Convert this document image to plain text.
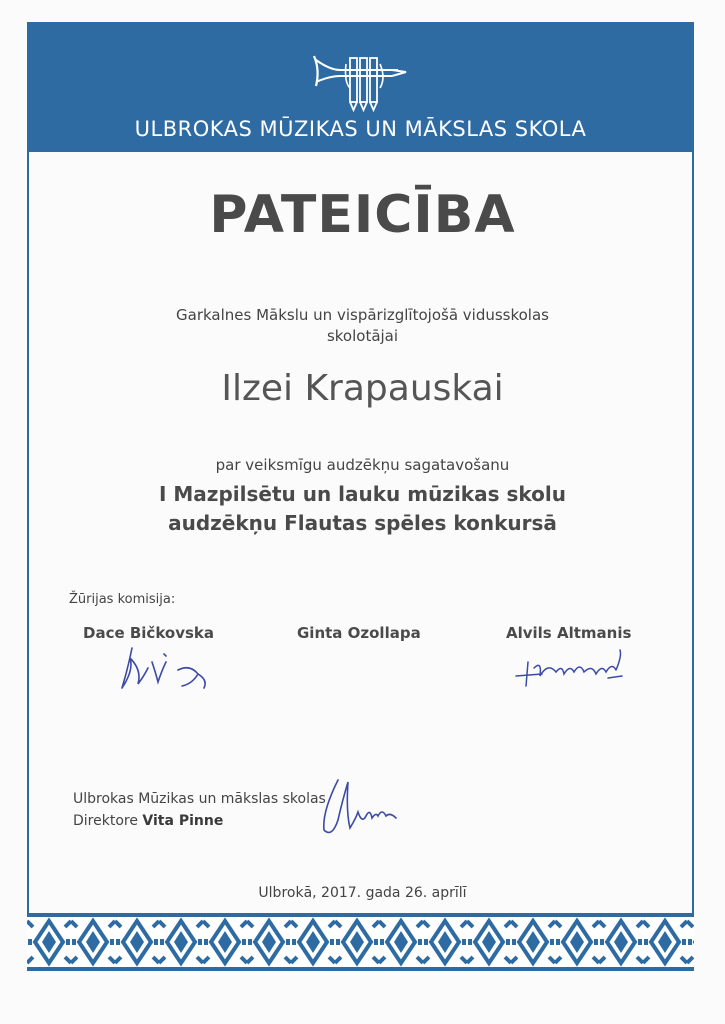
ULBROKAS MŪZIKAS UN MĀKSLAS SKOLA
PATEICĪBA
Garkalnes Mākslu un vispārizglītojošā vidusskolas
skolotājai
Ilzei Krapauskai
par veiksmīgu audzēkņu sagatavošanu
I Mazpilsētu un lauku mūzikas skolu
audzēkņu Flautas spēles konkursā
Žūrijas komisija:
Dace Bičkovska	Ginta Ozollapa	Alvils Altmanis
Ulbrokas Mūzikas un mākslas skolas
Direktore Vita Pinne
Ulbrokā, 2017. gada 26. aprīlī
